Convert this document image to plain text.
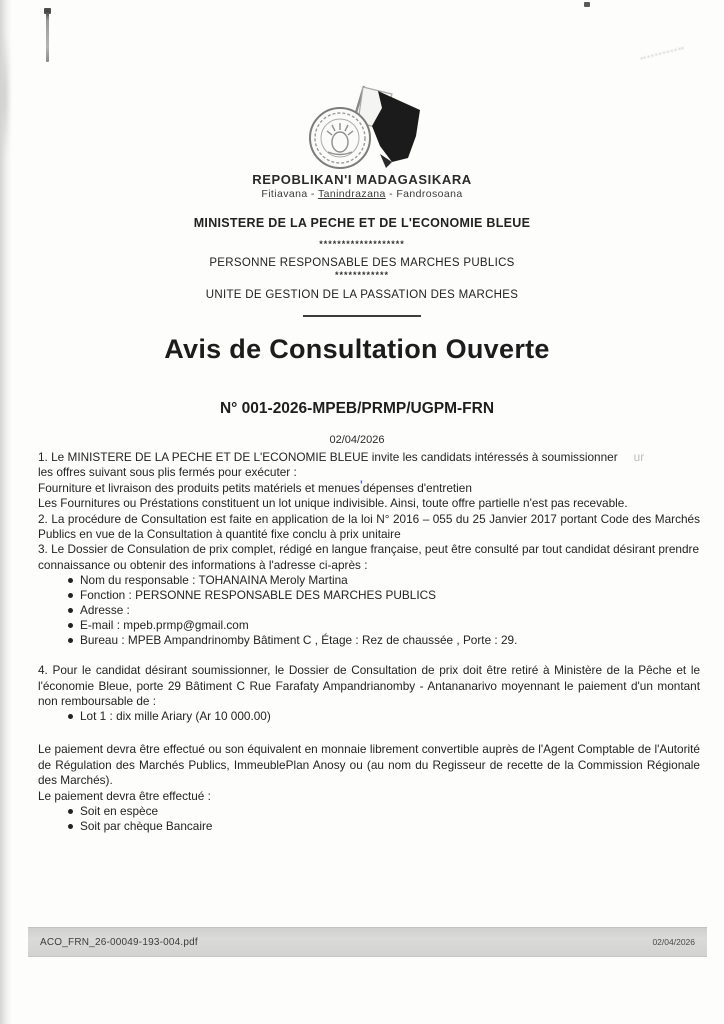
REPOBLIKAN'I MADAGASIKARA
Fitiavana - Tanindrazana - Fandrosoana
MINISTERE DE LA PECHE ET DE L'ECONOMIE BLEUE
*******************
PERSONNE RESPONSABLE DES MARCHES PUBLICS
************
UNITE DE GESTION DE LA PASSATION DES MARCHES
Avis de Consultation Ouverte
N° 001-2026-MPEB/PRMP/UGPM-FRN
02/04/2026

1. Le MINISTERE DE LA PECHE ET DE L'ECONOMIE BLEUE invite les candidats intéressés à soumissionner ur
les offres suivant sous plis fermés pour exécuter :
Fourniture et livraison des produits petits matériels et menues'dépenses d'entretien

Les Fournitures ou Préstations constituent un lot unique indivisible. Ainsi, toute offre partielle n'est pas recevable.

2. La procédure de Consultation est faite en application de la loi N° 2016 – 055 du 25 Janvier 2017 portant Code des Marchés Publics en vue de la Consultation à quantité fixe conclu à prix unitaire

3. Le Dossier de Consulation de prix complet, rédigé en langue française, peut être consulté par tout candidat désirant prendre connaissance ou obtenir des informations à l'adresse ci-après :

Nom du responsable : TOHANAINA Meroly Martina
Fonction : PERSONNE RESPONSABLE DES MARCHES PUBLICS
Adresse :
E-mail : mpeb.prmp@gmail.com
Bureau : MPEB Ampandrinomby Bâtiment C , Étage : Rez de chaussée , Porte : 29.

4. Pour le candidat désirant soumissionner, le Dossier de Consultation de prix doit être retiré à Ministère de la Pêche et le l'économie Bleue, porte 29 Bâtiment C Rue Farafaty Ampandrianomby - Antananarivo moyennant le paiement d'un montant non remboursable de :

Lot 1 : dix mille Ariary (Ar 10 000.00)

Le paiement devra être effectué ou son équivalent en monnaie librement convertible auprès de l'Agent Comptable de l'Autorité de Régulation des Marchés Publics, ImmeublePlan Anosy ou (au nom du Regisseur de recette de la Commission Régionale des Marchés).

Le paiement devra être effectué :

Soit en espèce
Soit par chèque Bancaire
ACO_FRN_26-00049-193-004.pdf	02/04/2026
